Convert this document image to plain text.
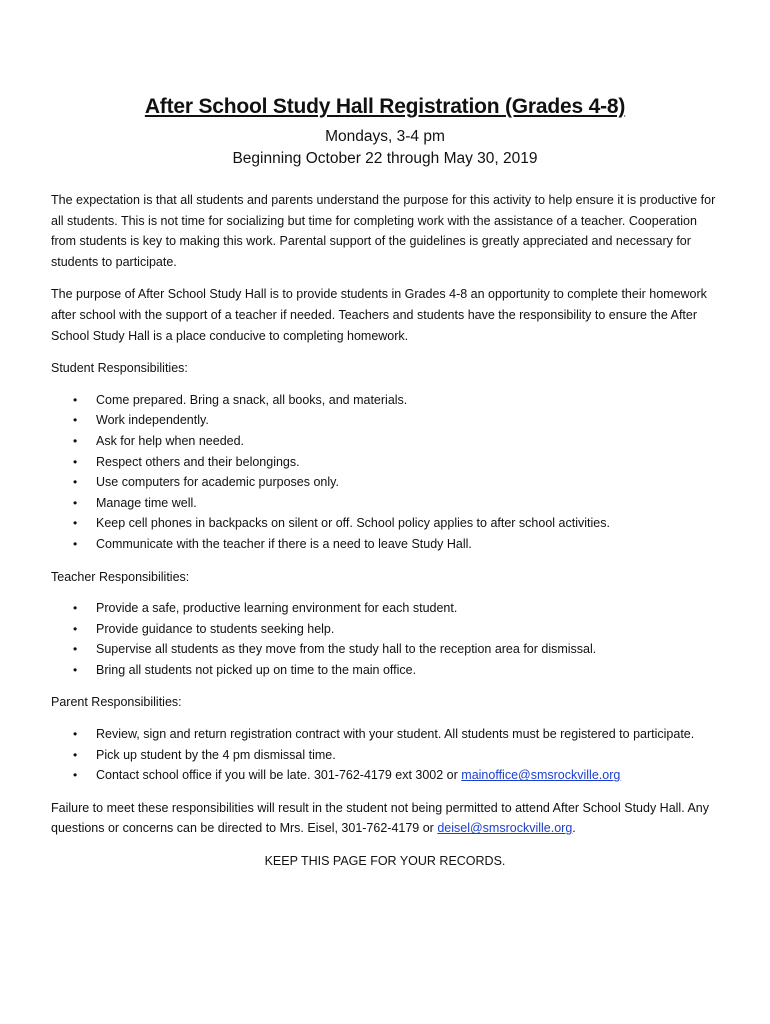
After School Study Hall Registration (Grades 4-8)
Mondays, 3-4 pm
Beginning October 22 through May 30, 2019

The expectation is that all students and parents understand the purpose for this activity to help ensure it is productive for all students. This is not time for socializing but time for completing work with the assistance of a teacher. Cooperation from students is key to making this work. Parental support of the guidelines is greatly appreciated and necessary for students to participate.

The purpose of After School Study Hall is to provide students in Grades 4-8 an opportunity to complete their homework after school with the support of a teacher if needed. Teachers and students have the responsibility to ensure the After School Study Hall is a place conducive to completing homework.

Student Responsibilities:
• Come prepared. Bring a snack, all books, and materials.
• Work independently.
• Ask for help when needed.
• Respect others and their belongings.
• Use computers for academic purposes only.
• Manage time well.
• Keep cell phones in backpacks on silent or off. School policy applies to after school activities.
• Communicate with the teacher if there is a need to leave Study Hall.
Teacher Responsibilities:
• Provide a safe, productive learning environment for each student.
• Provide guidance to students seeking help.
• Supervise all students as they move from the study hall to the reception area for dismissal.
• Bring all students not picked up on time to the main office.
Parent Responsibilities:
• Review, sign and return registration contract with your student. All students must be registered to participate.
• Pick up student by the 4 pm dismissal time.
• Contact school office if you will be late. 301-762-4179 ext 3002 or mainoffice@smsrockville.org

Failure to meet these responsibilities will result in the student not being permitted to attend After School Study Hall. Any questions or concerns can be directed to Mrs. Eisel, 301-762-4179 or deisel@smsrockville.org.

KEEP THIS PAGE FOR YOUR RECORDS.
